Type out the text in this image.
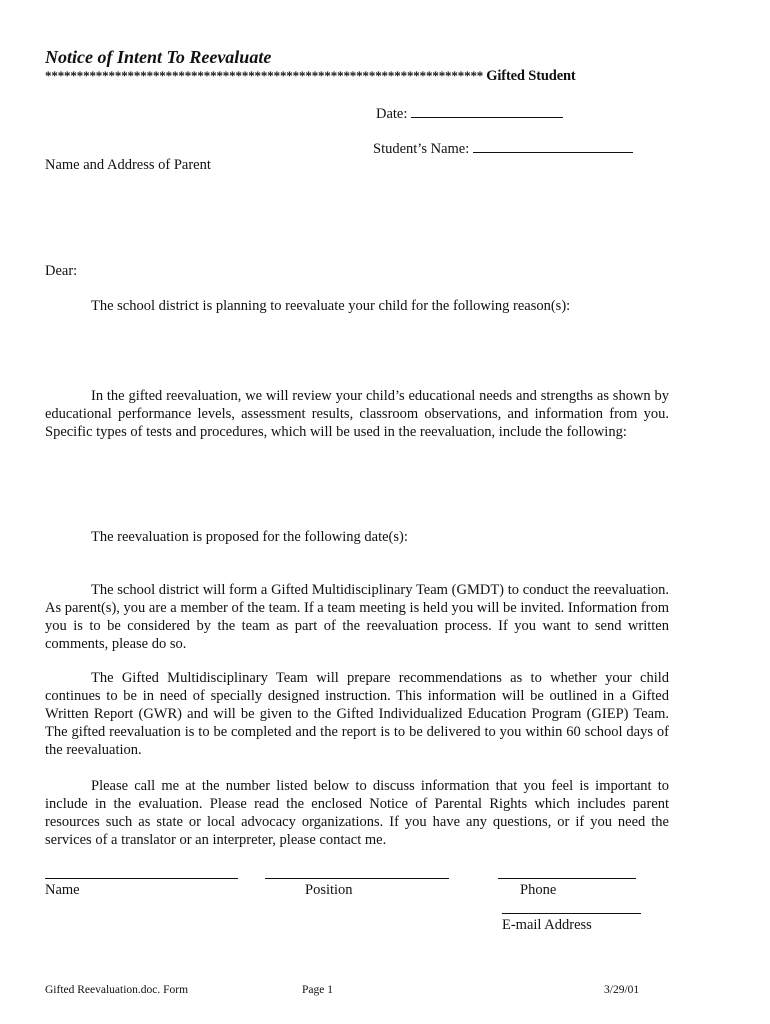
Notice of Intent To Reevaluate
********************************************************************* Gifted Student
Date:
Student’s Name:
Name and Address of Parent
Dear:
The school district is planning to reevaluate your child for the following reason(s):
In the gifted reevaluation, we will review your child’s educational needs and strengths as shown by educational performance levels, assessment results, classroom observations, and information from you. Specific types of tests and procedures, which will be used in the reevaluation, include the following:
The reevaluation is proposed for the following date(s):
The school district will form a Gifted Multidisciplinary Team (GMDT) to conduct the reevaluation. As parent(s), you are a member of the team. If a team meeting is held you will be invited. Information from you is to be considered by the team as part of the reevaluation process. If you want to send written comments, please do so.
The Gifted Multidisciplinary Team will prepare recommendations as to whether your child continues to be in need of specially designed instruction. This information will be outlined in a Gifted Written Report (GWR) and will be given to the Gifted Individualized Education Program (GIEP) Team. The gifted reevaluation is to be completed and the report is to be delivered to you within 60 school days of the reevaluation.
Please call me at the number listed below to discuss information that you feel is important to include in the evaluation. Please read the enclosed Notice of Parental Rights which includes parent resources such as state or local advocacy organizations. If you have any questions, or if you need the services of a translator or an interpreter, please contact me.
Name	Position	Phone
E-mail Address
Gifted Reevaluation.doc. Form	Page 1	3/29/01
